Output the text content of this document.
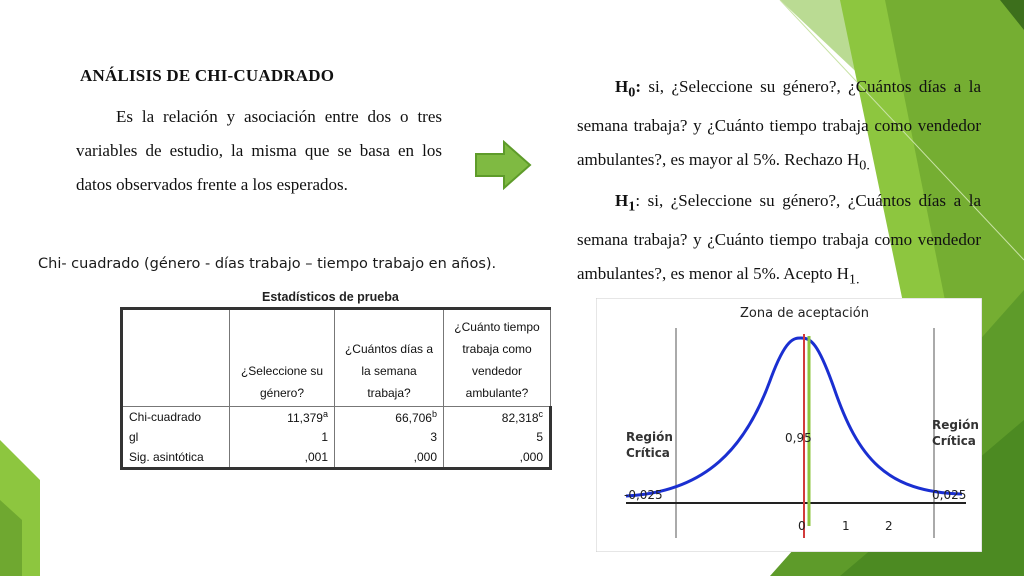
ANÁLISIS DE CHI-CUADRADO
Es la relación y asociación entre dos o tres variables de estudio, la misma que se basa en los datos observados frente a los esperados.
$H_0$: si, ¿Seleccione su género?, ¿Cuántos días a la semana trabaja? y ¿Cuánto tiempo trabaja como vendedor ambulantes?, es mayor al 5%. Rechazo $H_{0.}$
$H_1$: si, ¿Seleccione su género?, ¿Cuántos días a la semana trabaja? y ¿Cuánto tiempo trabaja como vendedor ambulantes?, es menor al 5%. Acepto $H_{1.}$
Chi- cuadrado (género - días trabajo – tiempo trabajo en años).
Estadísticos de prueba
	¿Seleccione su género?	¿Cuántos días a la semana trabaja?	¿Cuánto tiempo trabaja como vendedor ambulante?
Chi-cuadrado	11,379$^a$	66,706$^b$	82,318$^c$
gl	1	3	5
Sig. asintótica	,001	,000	,000
Zona de aceptación
0,95
Región Crítica
Región Crítica
-0,025	0,025
0	1	2
